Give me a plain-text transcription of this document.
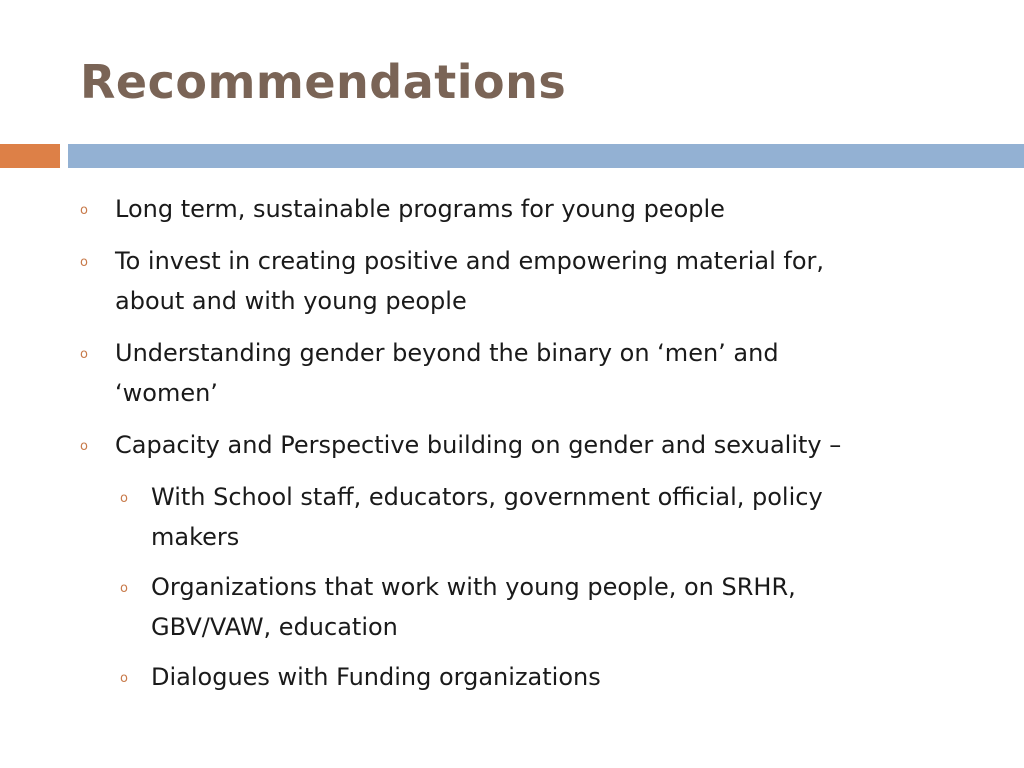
Recommendations
o Long term, sustainable programs for young people
o To invest in creating positive and empowering material for,
about and with young people
o Understanding gender beyond the binary on ‘men’ and
‘women’
o Capacity and Perspective building on gender and sexuality –
o With School staff, educators, government official, policy
makers
o Organizations that work with young people, on SRHR,
GBV/VAW, education
o Dialogues with Funding organizations
